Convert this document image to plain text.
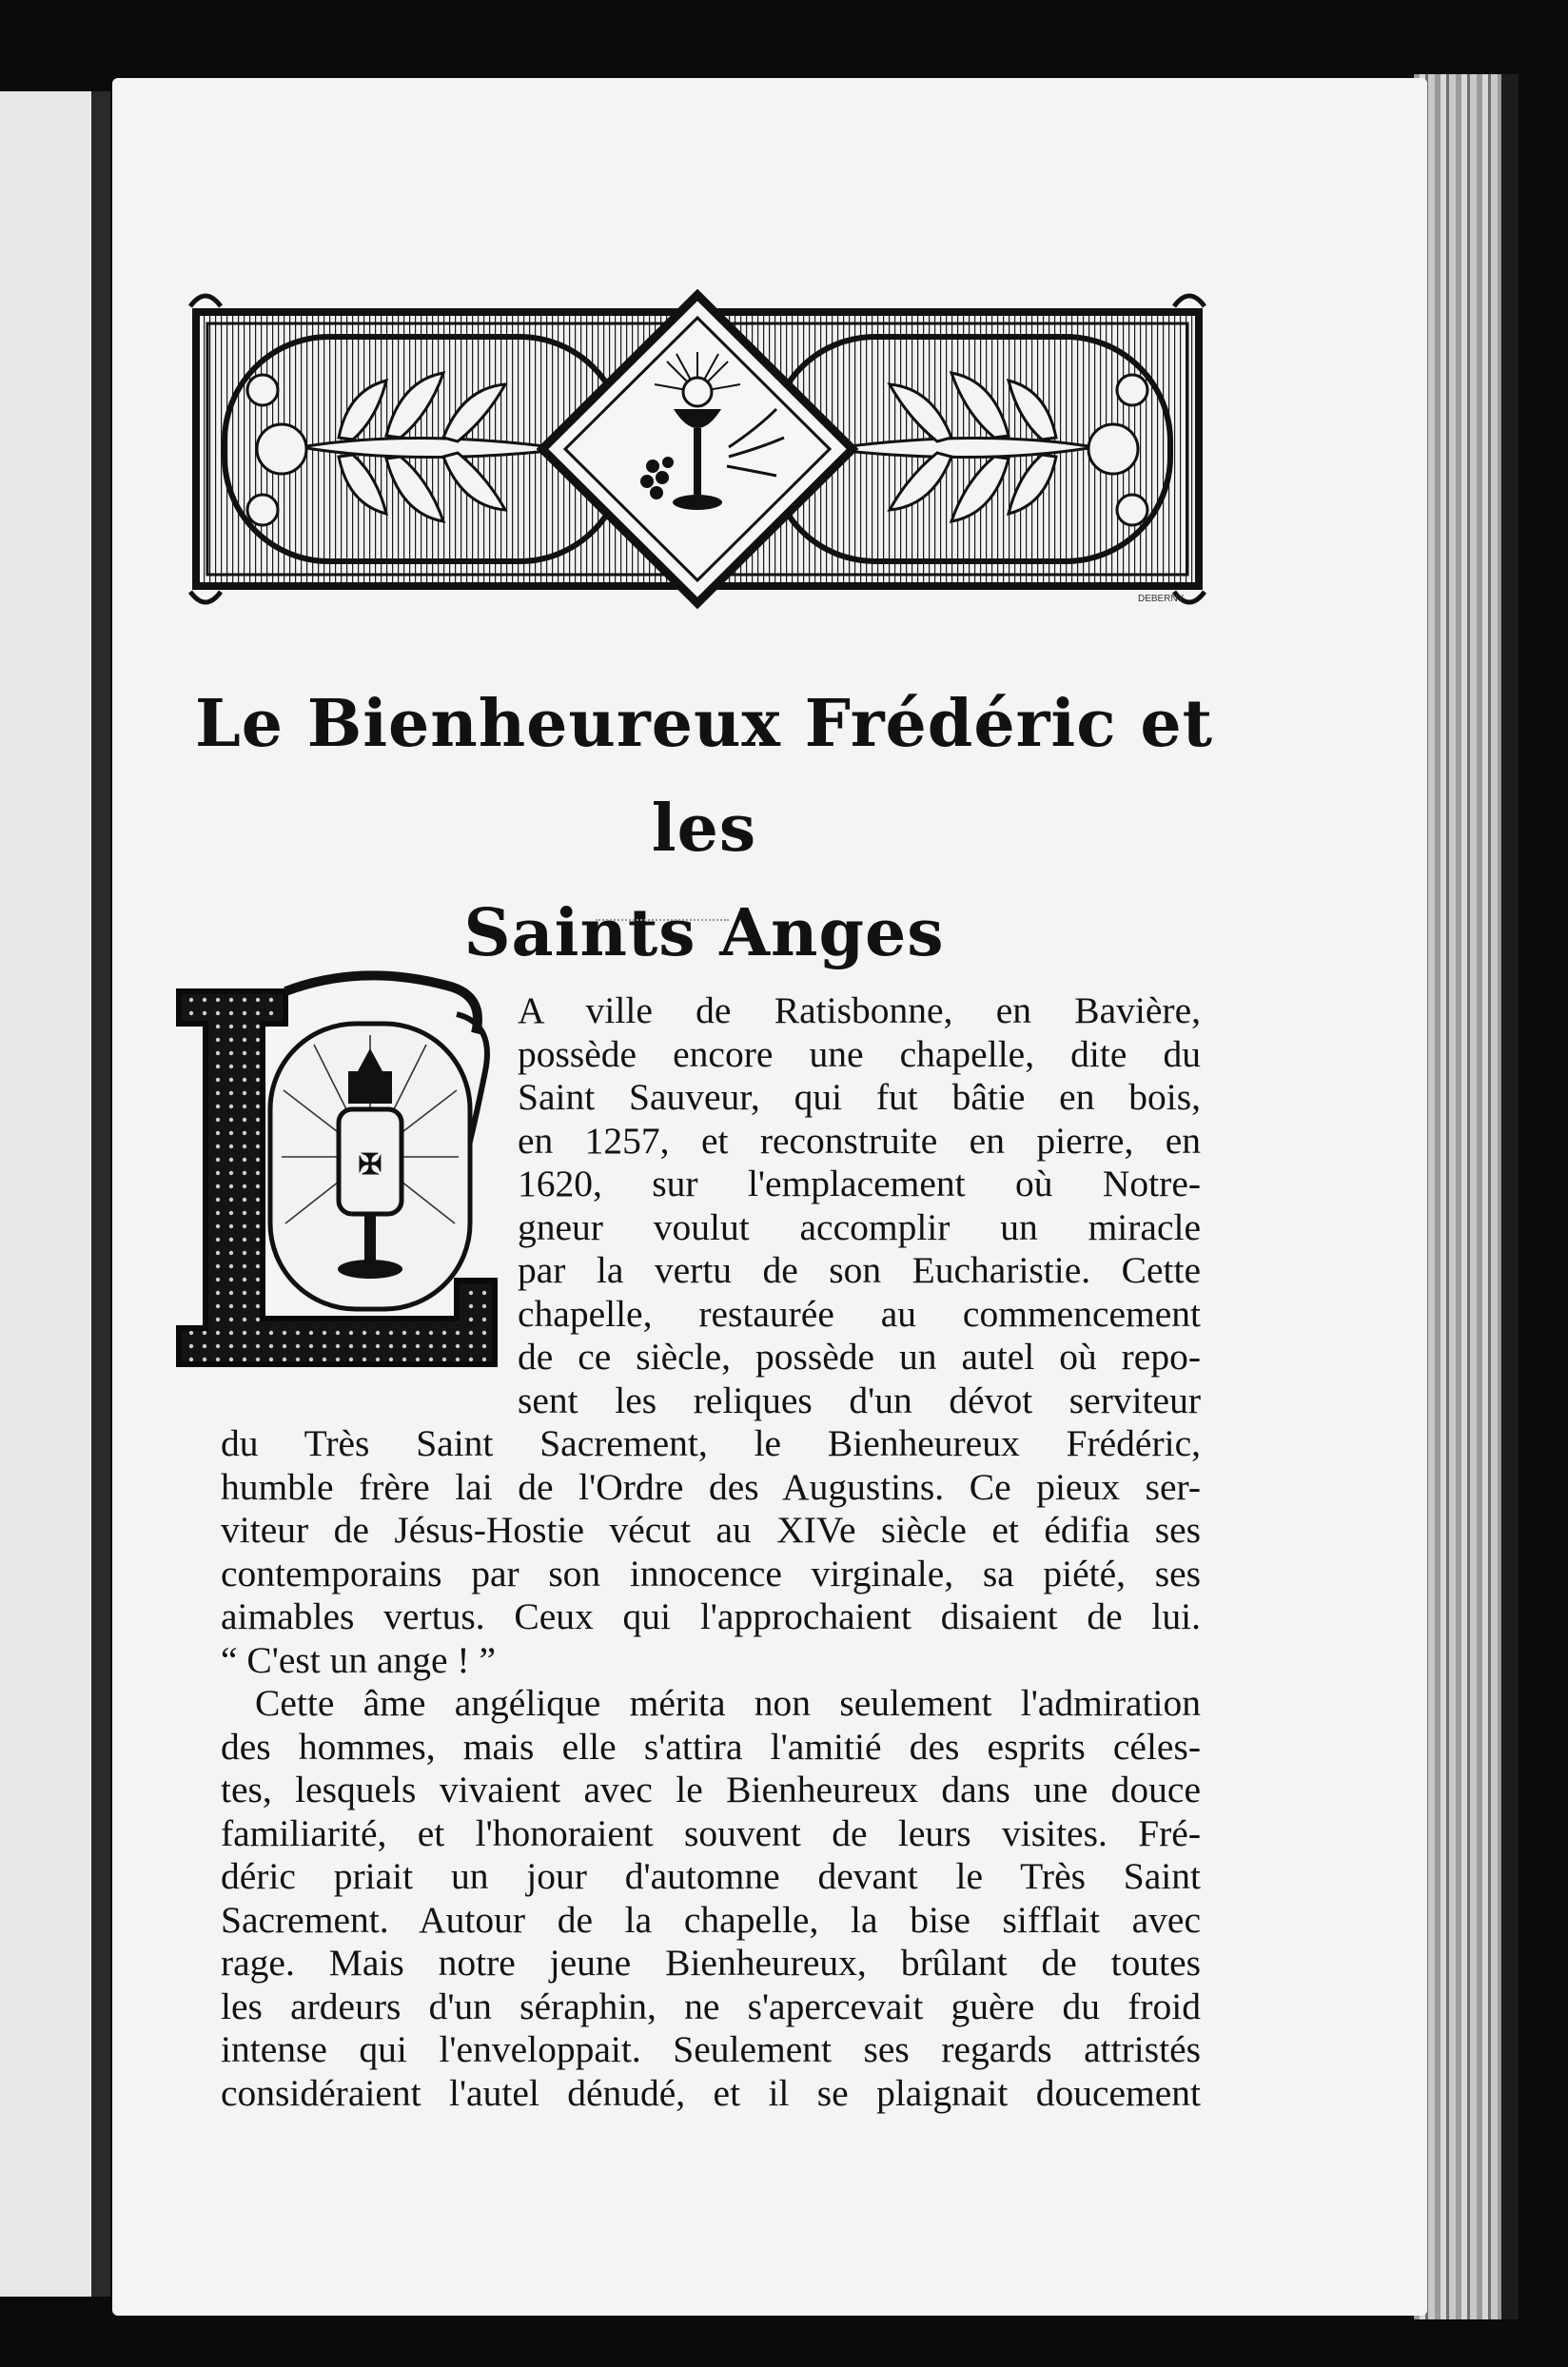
DEBERNY
Le Bienheureux Frédéric et les
Saints Anges
✠
A ville de Ratisbonne, en Bavière,
possède encore une chapelle, dite du
Saint Sauveur, qui fut bâtie en bois,
en 1257, et reconstruite en pierre, en
1620, sur l'emplacement où Notre-
gneur voulut accomplir un miracle
par la vertu de son Eucharistie. Cette
chapelle, restaurée au commencement
de ce siècle, possède un autel où repo-
sent les reliques d'un dévot serviteur
du Très Saint Sacrement, le Bienheureux Frédéric,
humble frère lai de l'Ordre des Augustins. Ce pieux ser-
viteur de Jésus-Hostie vécut au XIVe siècle et édifia ses
contemporains par son innocence virginale, sa piété, ses
aimables vertus. Ceux qui l'approchaient disaient de lui.
“ C'est un ange ! ”
Cette âme angélique mérita non seulement l'admiration
des hommes, mais elle s'attira l'amitié des esprits céles-
tes, lesquels vivaient avec le Bienheureux dans une douce
familiarité, et l'honoraient souvent de leurs visites. Fré-
déric priait un jour d'automne devant le Très Saint
Sacrement. Autour de la chapelle, la bise sifflait avec
rage. Mais notre jeune Bienheureux, brûlant de toutes
les ardeurs d'un séraphin, ne s'apercevait guère du froid
intense qui l'enveloppait. Seulement ses regards attristés
considéraient l'autel dénudé, et il se plaignait doucement
